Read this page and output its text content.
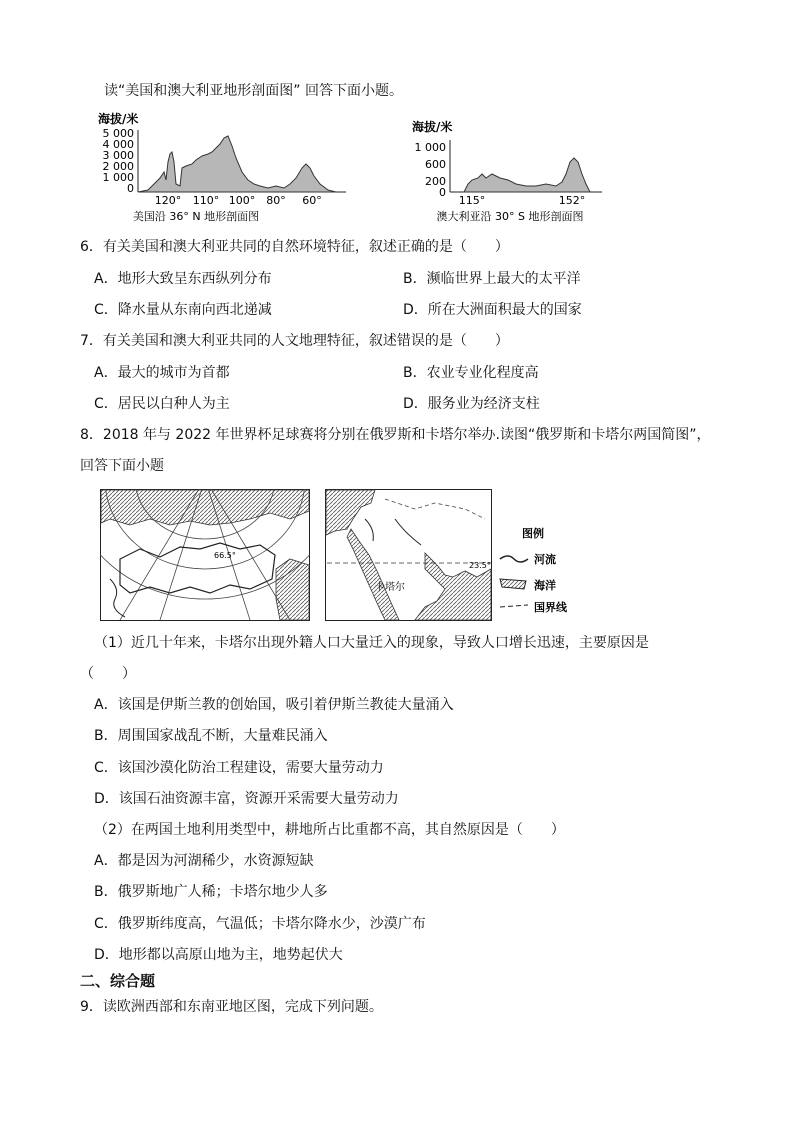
读“美国和澳大利亚地形剖面图” 回答下面小题。
海拔/米
5 000
4 000
3 000
2 000
1 000
0
120° 110° 100° 80° 60°
美国沿 36° N 地形剖面图
海拔/米
1 000
600
200
0
115°	152°
澳大利亚沿 30° S 地形剖面图
6．有关美国和澳大利亚共同的自然环境特征，叙述正确的是（　　）
A．地形大致呈东西纵列分布	B．濒临世界上最大的太平洋
C．降水量从东南向西北递减	D．所在大洲面积最大的国家
7．有关美国和澳大利亚共同的人文地理特征，叙述错误的是（　　）
A．最大的城市为首都	B．农业专业化程度高
C．居民以白种人为主	D．服务业为经济支柱
8．2018 年与 2022 年世界杯足球赛将分别在俄罗斯和卡塔尔举办.读图“俄罗斯和卡塔尔两国简图”，
回答下面小题
66.5°
卡塔尔
23.5°
图例
河流
海洋
国界线
（1）近几十年来，卡塔尔出现外籍人口大量迁入的现象，导致人口增长迅速，主要原因是
（　　）
A．该国是伊斯兰教的创始国，吸引着伊斯兰教徒大量涌入
B．周围国家战乱不断，大量难民涌入
C．该国沙漠化防治工程建设，需要大量劳动力
D．该国石油资源丰富，资源开采需要大量劳动力
（2）在两国土地利用类型中，耕地所占比重都不高，其自然原因是（　　）
A．都是因为河湖稀少，水资源短缺
B．俄罗斯地广人稀；卡塔尔地少人多
C．俄罗斯纬度高，气温低；卡塔尔降水少，沙漠广布
D．地形都以高原山地为主，地势起伏大
二、综合题
9．读欧洲西部和东南亚地区图，完成下列问题。
